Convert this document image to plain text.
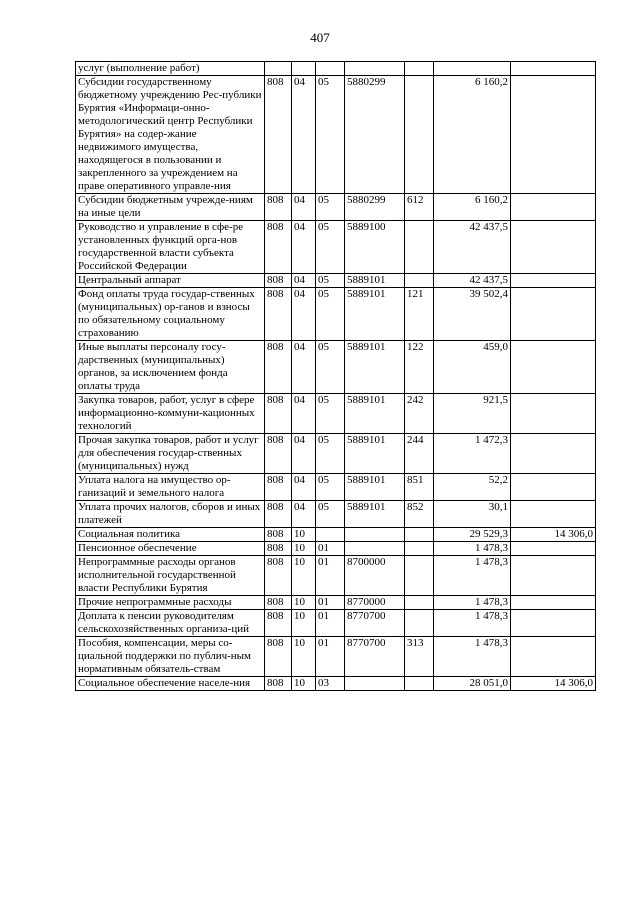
407
услуг (выполнение работ)							
Субсидии государственному бюджетному учреждению Рес-публики Бурятия «Информаци-онно-методологический центр Республики Бурятия» на содер-жание недвижимого имущества, находящегося в пользовании и закрепленного за учреждением на праве оперативного управле-ния	808	04	05	5880299		6 160,2	
Субсидии бюджетным учрежде-ниям на иные цели	808	04	05	5880299	612	6 160,2	
Руководство и управление в сфе-ре установленных функций орга-нов государственной власти субъекта Российской Федерации	808	04	05	5889100		42 437,5	
Центральный аппарат	808	04	05	5889101		42 437,5	
Фонд оплаты труда государ-ственных (муниципальных) ор-ганов и взносы по обязательному социальному страхованию	808	04	05	5889101	121	39 502,4	
Иные выплаты персоналу госу-дарственных (муниципальных) органов, за исключением фонда оплаты труда	808	04	05	5889101	122	459,0	
Закупка товаров, работ, услуг в сфере информационно-коммуни-кационных технологий	808	04	05	5889101	242	921,5	
Прочая закупка товаров, работ и услуг для обеспечения государ-ственных (муниципальных) нужд	808	04	05	5889101	244	1 472,3	
Уплата налога на имущество ор-ганизаций и земельного налога	808	04	05	5889101	851	52,2	
Уплата прочих налогов, сборов и иных платежей	808	04	05	5889101	852	30,1	
Социальная политика	808	10				29 529,3	14 306,0
Пенсионное обеспечение	808	10	01			1 478,3	
Непрограммные расходы органов исполнительной государственной власти Республики Бурятия	808	10	01	8700000		1 478,3	
Прочие непрограммные расходы	808	10	01	8770000		1 478,3	
Доплата к пенсии руководителям сельскохозяйственных организа-ций	808	10	01	8770700		1 478,3	
Пособия, компенсации, меры со-циальной поддержки по публич-ным нормативным обязатель-ствам	808	10	01	8770700	313	1 478,3	
Социальное обеспечение населе-ния	808	10	03			28 051,0	14 306,0
